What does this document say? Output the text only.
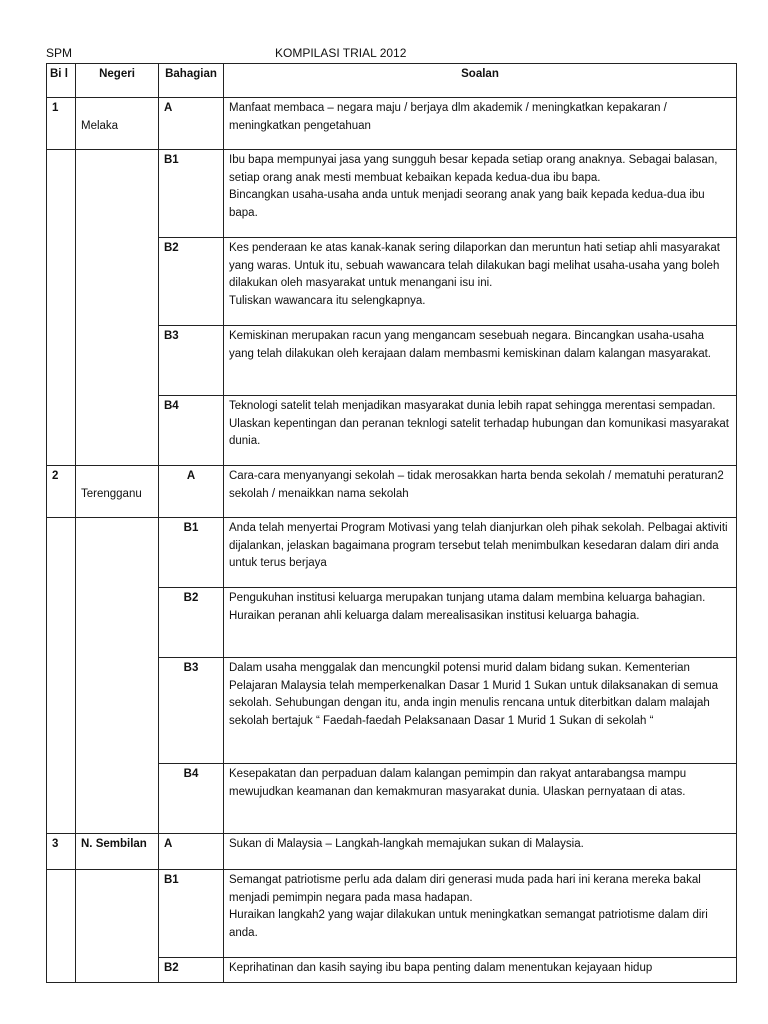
SPM	KOMPILASI TRIAL 2012
Bi l	Negeri	Bahagian	Soalan
1	Melaka	A	Manfaat membaca – negara maju / berjaya dlm akademik / meningkatkan kepakaran / meningkatkan pengetahuan
		B1	Ibu bapa mempunyai jasa yang sungguh besar kepada setiap orang anaknya. Sebagai balasan, setiap orang anak mesti membuat kebaikan kepada kedua-dua ibu bapa.
Bincangkan usaha-usaha anda untuk menjadi seorang anak yang baik kepada kedua-dua ibu bapa.

		B2	Kes penderaan ke atas kanak-kanak sering dilaporkan dan meruntun hati setiap ahli masyarakat yang waras. Untuk itu, sebuah wawancara telah dilakukan bagi melihat usaha-usaha yang boleh dilakukan oleh masyarakat untuk menangani isu ini.
Tuliskan wawancara itu selengkapnya.

		B3	Kemiskinan merupakan racun yang mengancam sesebuah negara. Bincangkan usaha-usaha yang telah dilakukan oleh kerajaan dalam membasmi kemiskinan dalam kalangan masyarakat.
		B4	Teknologi satelit telah menjadikan masyarakat dunia lebih rapat sehingga merentasi sempadan. Ulaskan kepentingan dan peranan teknlogi satelit terhadap hubungan dan komunikasi masyarakat dunia.
2	Terengganu	A	Cara-cara menyanyangi sekolah – tidak merosakkan harta benda sekolah / mematuhi peraturan2 sekolah / menaikkan nama sekolah
		B1	Anda telah menyertai Program Motivasi yang telah dianjurkan oleh pihak sekolah. Pelbagai aktiviti dijalankan, jelaskan bagaimana program tersebut telah menimbulkan kesedaran dalam diri anda untuk terus berjaya
		B2	Pengukuhan institusi keluarga merupakan tunjang utama dalam membina keluarga bahagian. Huraikan peranan ahli keluarga dalam merealisasikan institusi keluarga bahagia.
		B3	Dalam usaha menggalak dan mencungkil potensi murid dalam bidang sukan. Kementerian Pelajaran Malaysia telah memperkenalkan Dasar 1 Murid 1 Sukan untuk dilaksanakan di semua sekolah. Sehubungan dengan itu, anda ingin menulis rencana untuk diterbitkan dalam malajah sekolah bertajuk “ Faedah-faedah Pelaksanaan Dasar 1 Murid 1 Sukan di sekolah “
		B4	Kesepakatan dan perpaduan dalam kalangan pemimpin dan rakyat antarabangsa mampu mewujudkan keamanan dan kemakmuran masyarakat dunia. Ulaskan pernyataan di atas.
3	N. Sembilan	A	Sukan di Malaysia – Langkah-langkah memajukan sukan di Malaysia.
		B1	Semangat patriotisme perlu ada dalam diri generasi muda pada hari ini kerana mereka bakal menjadi pemimpin negara pada masa hadapan.
Huraikan langkah2 yang wajar dilakukan untuk meningkatkan semangat patriotisme dalam diri anda.

		B2	Keprihatinan dan kasih saying ibu bapa penting dalam menentukan kejayaan hidup
